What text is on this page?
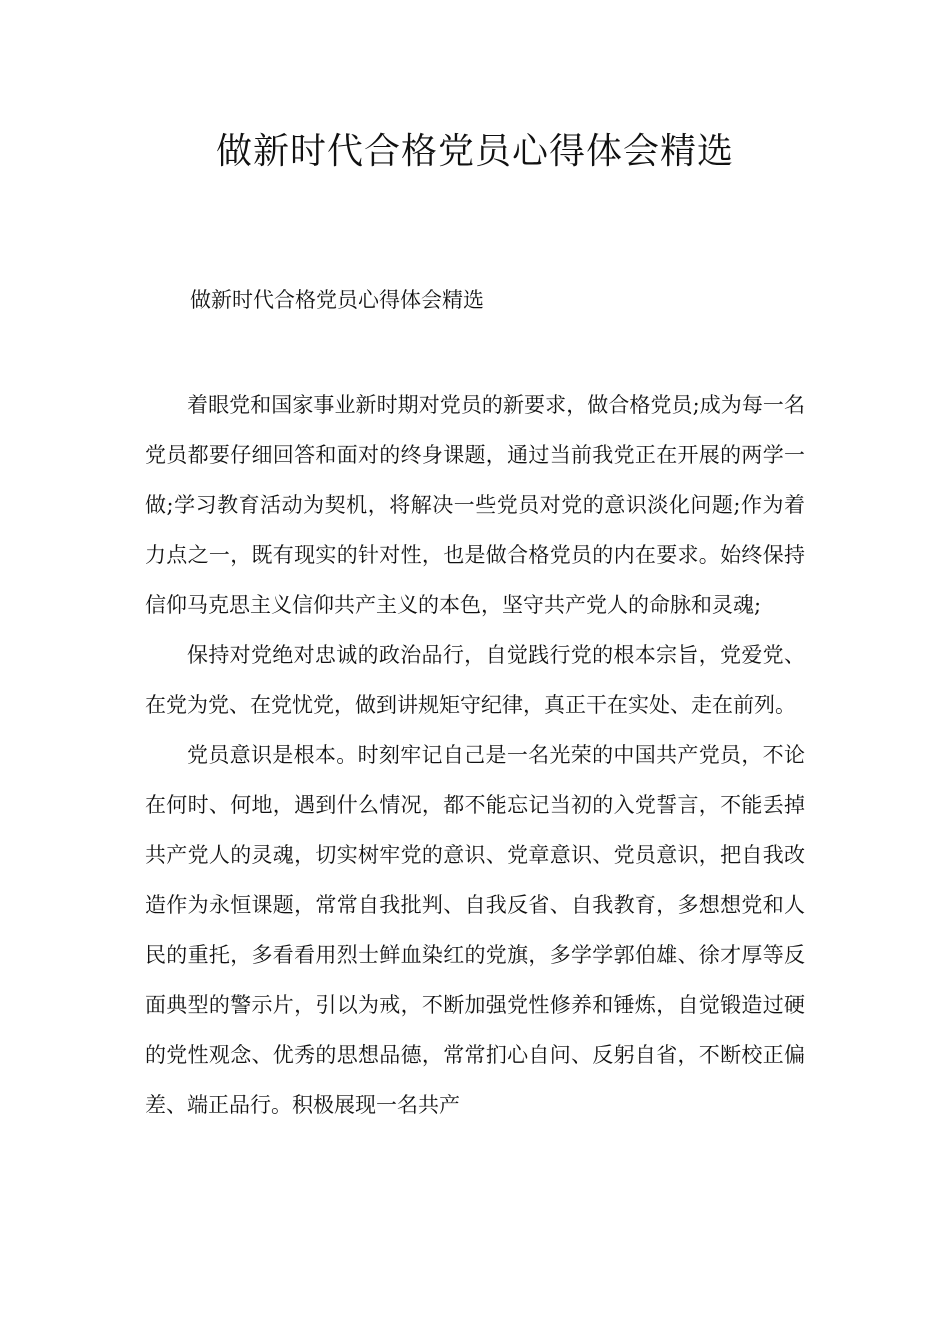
做新时代合格党员心得体会精选
做新时代合格党员心得体会精选

着眼党和国家事业新时期对党员的新要求，做合格党员;成为每一名党员都要仔细回答和面对的终身课题，通过当前我党正在开展的两学一做;学习教育活动为契机，将解决一些党员对党的意识淡化问题;作为着力点之一，既有现实的针对性，也是做合格党员的内在要求。始终保持信仰马克思主义信仰共产主义的本色，坚守共产党人的命脉和灵魂;

保持对党绝对忠诚的政治品行，自觉践行党的根本宗旨，党爱党、在党为党、在党忧党，做到讲规矩守纪律，真正干在实处、走在前列。

党员意识是根本。时刻牢记自己是一名光荣的中国共产党员，不论在何时、何地，遇到什么情况，都不能忘记当初的入党誓言，不能丢掉共产党人的灵魂，切实树牢党的意识、党章意识、党员意识，把自我改造作为永恒课题，常常自我批判、自我反省、自我教育，多想想党和人民的重托，多看看用烈士鲜血染红的党旗，多学学郭伯雄、徐才厚等反面典型的警示片，引以为戒，不断加强党性修养和锤炼，自觉锻造过硬的党性观念、优秀的思想品德，常常扪心自问、反躬自省，不断校正偏差、端正品行。积极展现一名共产
